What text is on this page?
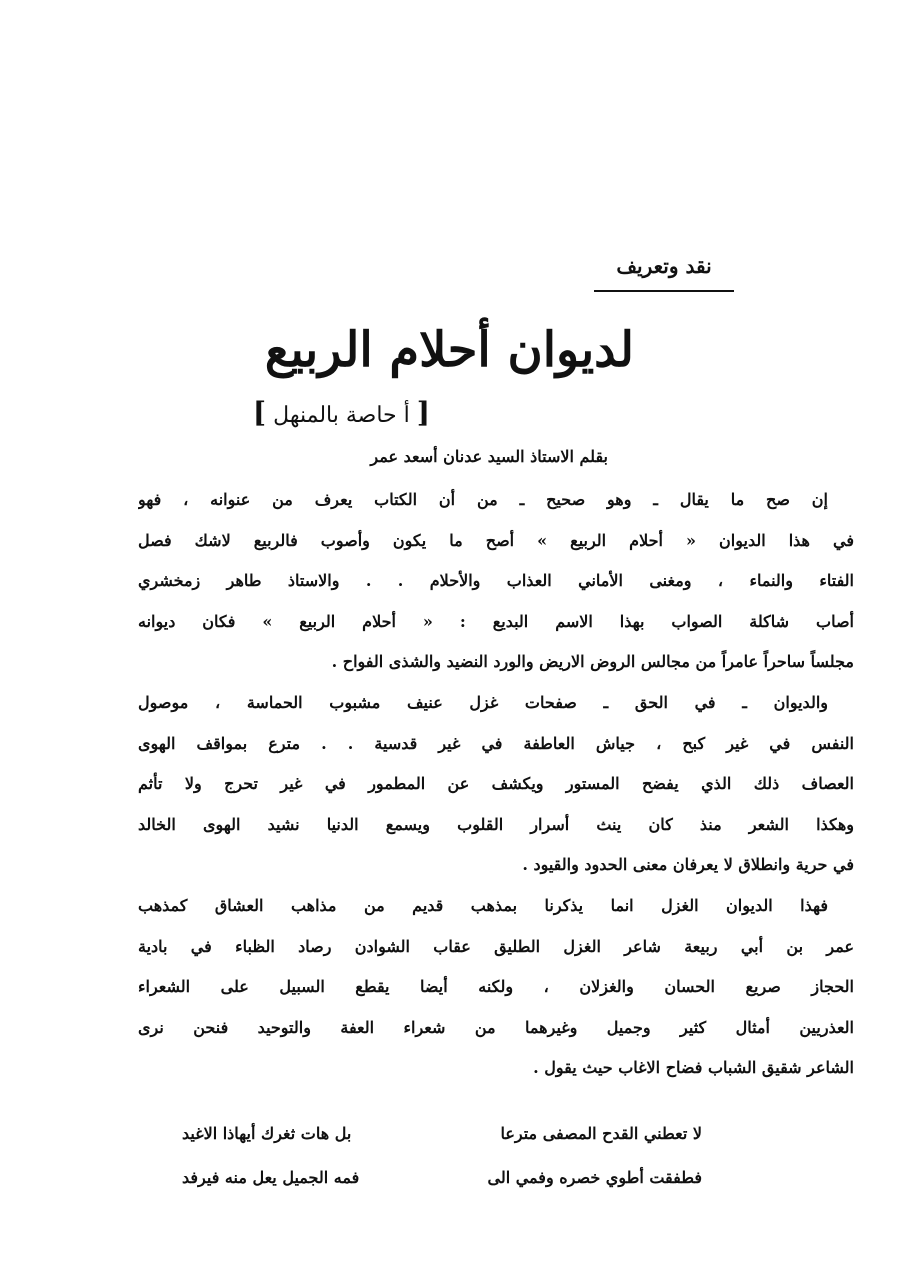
نقد وتعريف
لديوان أحلام الربيع
[ أ حاصة بالمنهل ]
بقلم الاستاذ السيد عدنان أسعد عمر
إن صح ما يقال ـ وهو صحيح ـ من أن الكتاب يعرف من عنوانه ، فهو
في هذا الديوان « أحلام الربيع » أصح ما يكون وأصوب فالربيع لاشك فصل
الفتاء والنماء ، ومغنى الأماني العذاب والأحلام . . والاستاذ طاهر زمخشري
أصاب شاكلة الصواب بهذا الاسم البديع : « أحلام الربيع » فكان ديوانه
مجلساً ساحراً عامراً من مجالس الروض الاريض والورد النضيد والشذى الفواح .
والديوان ـ في الحق ـ صفحات غزل عنيف مشبوب الحماسة ، موصول
النفس في غير كبح ، جياش العاطفة في غير قدسية . . مترع بمواقف الهوى
العصاف ذلك الذي يفضح المستور ويكشف عن المطمور في غير تحرج ولا تأثم
وهكذا الشعر منذ كان ينث أسرار القلوب ويسمع الدنيا نشيد الهوى الخالد
في حرية وانطلاق لا يعرفان معنى الحدود والقيود .
فهذا الديوان الغزل انما يذكرنا بمذهب قديم من مذاهب العشاق كمذهب
عمر بن أبي ربيعة شاعر الغزل الطليق عقاب الشوادن رصاد الظباء في بادية
الحجاز صريع الحسان والغزلان ، ولكنه أيضا يقطع السبيل على الشعراء
العذريين أمثال كثير وجميل وغيرهما من شعراء العفة والتوحيد فنحن نرى
الشاعر شقيق الشباب فضاح الاغاب حيث يقول .
لا تعطني القدح المصفى مترعا
بل هات ثغرك أيهاذا الاغيد
فطفقت أطوي خصره وفمي الى
فمه الجميل يعل منه فيرفد
